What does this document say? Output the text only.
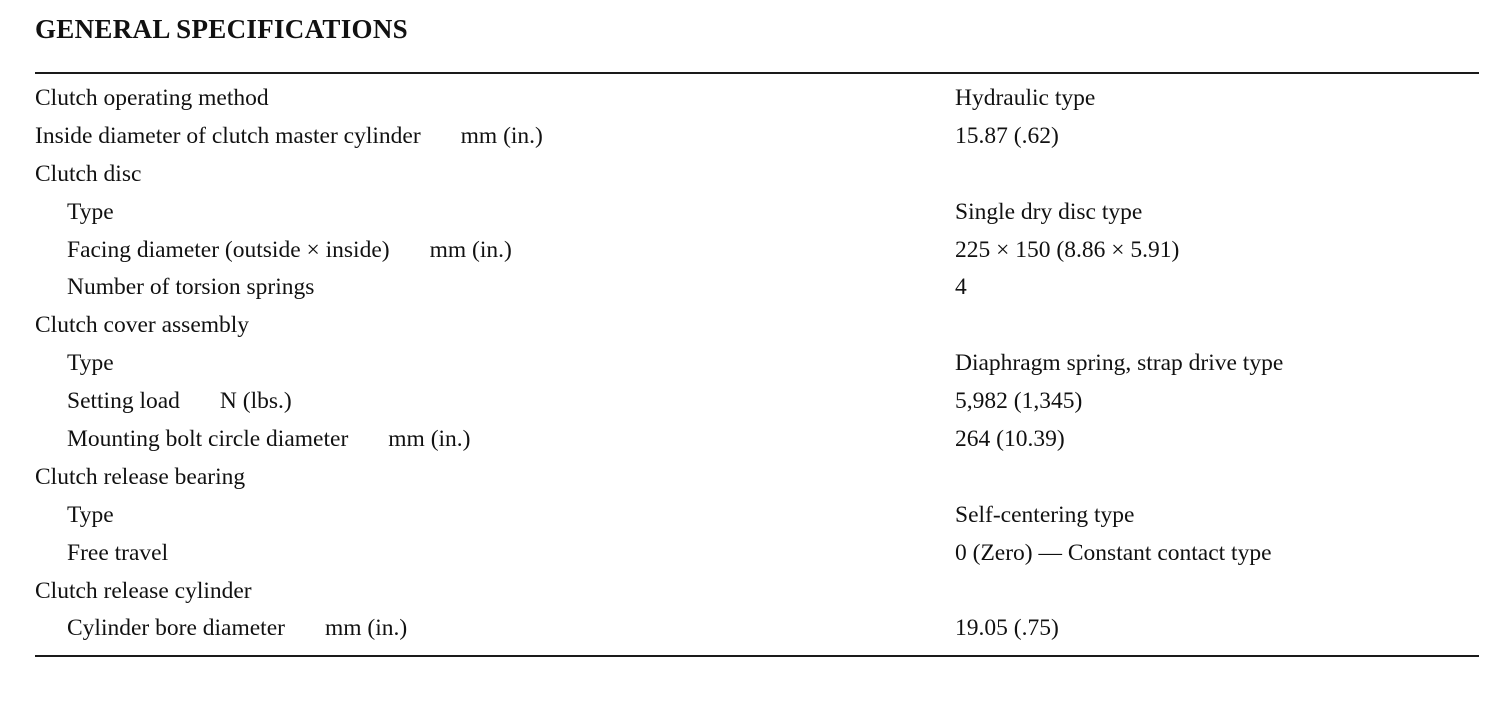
GENERAL SPECIFICATIONS
Clutch operating method	Hydraulic type
Inside diameter of clutch master cylinder mm (in.)	15.87 (.62)
Clutch disc
Type	Single dry disc type
Facing diameter (outside × inside) mm (in.)	225 × 150 (8.86 × 5.91)
Number of torsion springs	4
Clutch cover assembly
Type	Diaphragm spring, strap drive type
Setting load N (lbs.)	5,982 (1,345)
Mounting bolt circle diameter mm (in.)	264 (10.39)
Clutch release bearing
Type	Self-centering type
Free travel	0 (Zero) — Constant contact type
Clutch release cylinder
Cylinder bore diameter mm (in.)	19.05 (.75)
